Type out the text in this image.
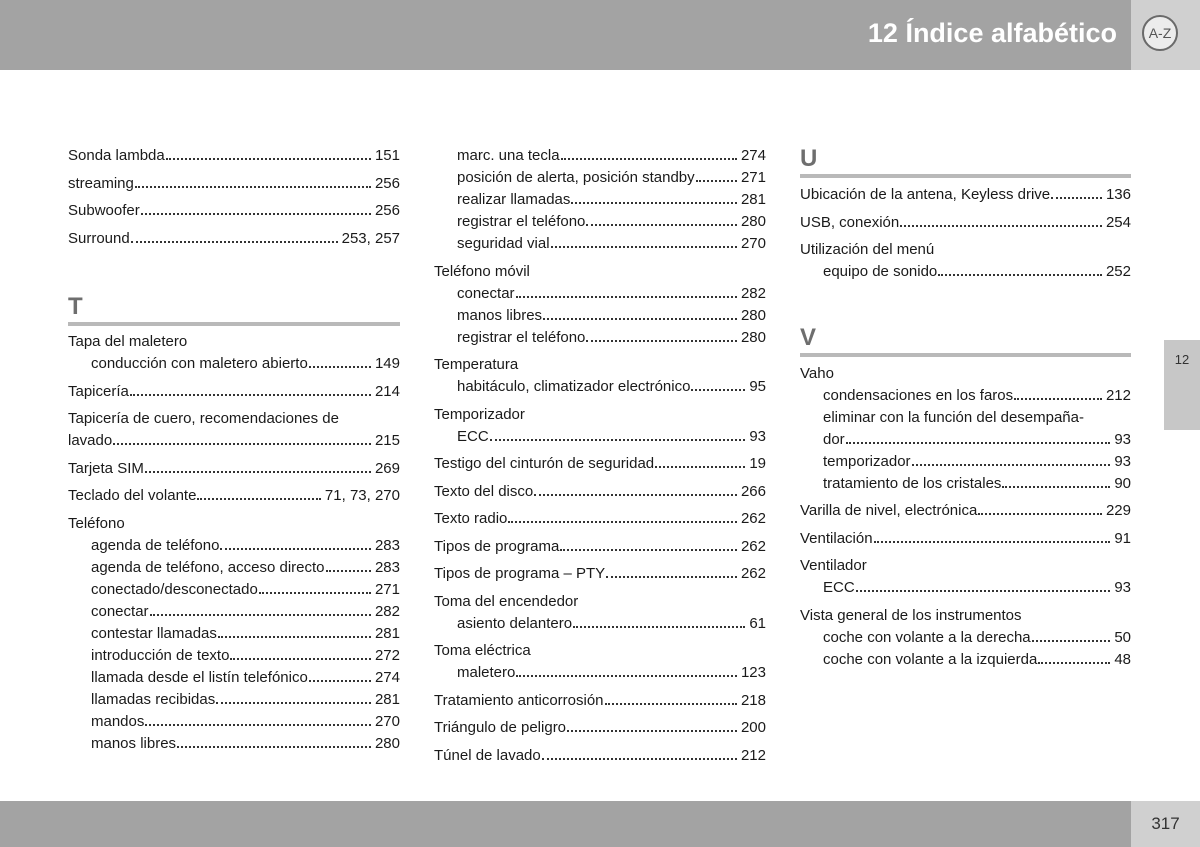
12 Índice alfabético	A-Z
12
Sonda lambda	151
streaming	256
Subwoofer	256
Surround	253, 257
T
Tapa del maletero
conducción con maletero abierto	149
Tapicería	214
Tapicería de cuero, recomendaciones de
lavado	215
Tarjeta SIM	269
Teclado del volante	71, 73, 270
Teléfono
agenda de teléfono	283
agenda de teléfono, acceso directo	283
conectado/desconectado	271
conectar	282
contestar llamadas	281
introducción de texto	272
llamada desde el listín telefónico	274
llamadas recibidas	281
mandos	270
manos libres	280
marc. una tecla	274
posición de alerta, posición standby	271
realizar llamadas	281
registrar el teléfono	280
seguridad vial	270
Teléfono móvil
conectar	282
manos libres	280
registrar el teléfono	280
Temperatura
habitáculo, climatizador electrónico	95
Temporizador
ECC	93
Testigo del cinturón de seguridad	19
Texto del disco	266
Texto radio	262
Tipos de programa	262
Tipos de programa – PTY	262
Toma del encendedor
asiento delantero	61
Toma eléctrica
maletero	123
Tratamiento anticorrosión	218
Triángulo de peligro	200
Túnel de lavado	212
U
Ubicación de la antena, Keyless drive	136
USB, conexión	254
Utilización del menú
equipo de sonido	252
V
Vaho
condensaciones en los faros	212
eliminar con la función del desempaña-
dor	93
temporizador	93
tratamiento de los cristales	90
Varilla de nivel, electrónica	229
Ventilación	91
Ventilador
ECC	93
Vista general de los instrumentos
coche con volante a la derecha	50
coche con volante a la izquierda	48
317
